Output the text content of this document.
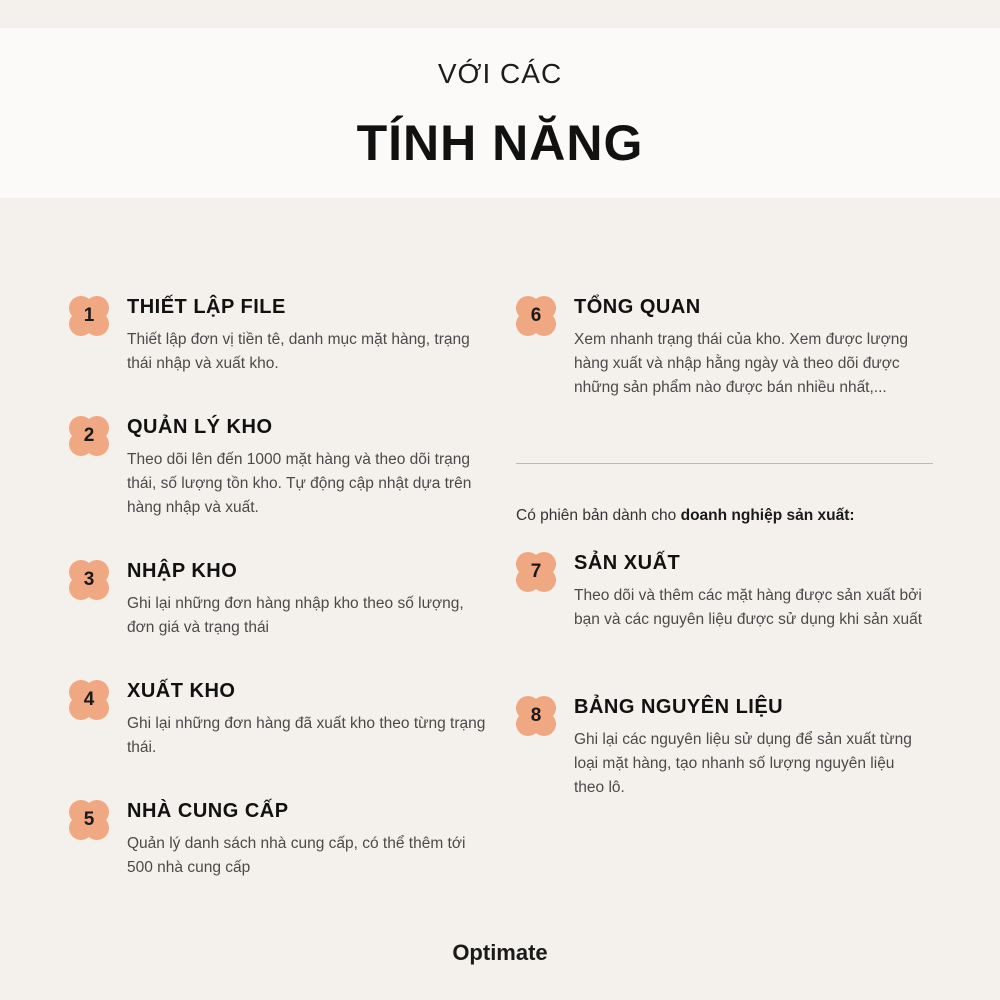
VỚI CÁC
TÍNH NĂNG
1	THIẾT LẬP FILE
Thiết lập đơn vị tiền tê, danh mục mặt hàng, trạng thái nhập và xuất kho.
2	QUẢN LÝ KHO
Theo dõi lên đến 1000 mặt hàng và theo dõi trạng thái, số lượng tồn kho. Tự động cập nhật dựa trên hàng nhập và xuất.
3	NHẬP KHO
Ghi lại những đơn hàng nhập kho theo số lượng, đơn giá và trạng thái
4	XUẤT KHO
Ghi lại những đơn hàng đã xuất kho theo từng trạng thái.
5	NHÀ CUNG CẤP
Quản lý danh sách nhà cung cấp, có thể thêm tới 500 nhà cung cấp
6	TỔNG QUAN
Xem nhanh trạng thái của kho. Xem được lượng hàng xuất và nhập hằng ngày và theo dõi được những sản phẩm nào được bán nhiều nhất,...
Có phiên bản dành cho doanh nghiệp sản xuất:
7	SẢN XUẤT
Theo dõi và thêm các mặt hàng được sản xuất bởi bạn và các nguyên liệu được sử dụng khi sản xuất
8	BẢNG NGUYÊN LIỆU
Ghi lại các nguyên liệu sử dụng để sản xuất từng loại mặt hàng, tạo nhanh số lượng nguyên liệu theo lô.
Optimate
